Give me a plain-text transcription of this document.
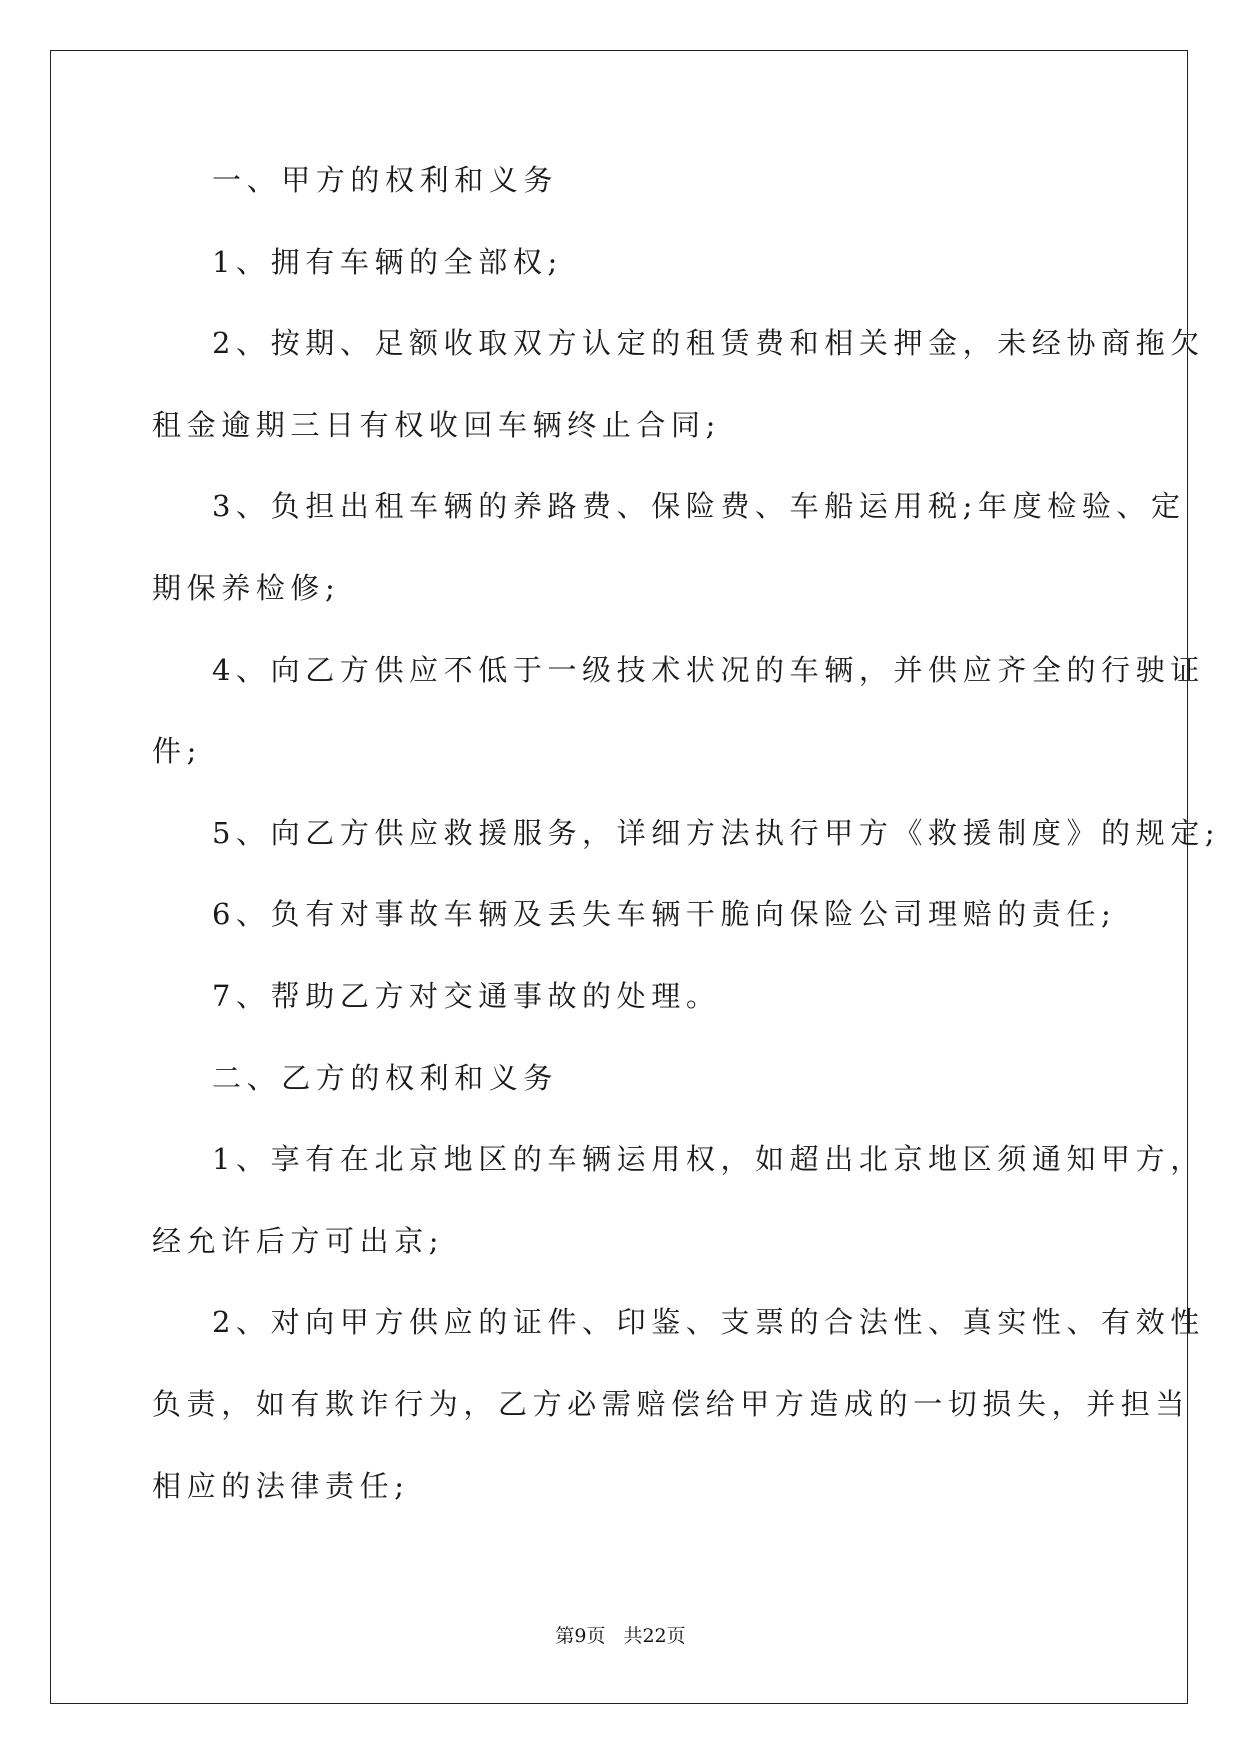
一、甲方的权利和义务
1、拥有车辆的全部权;
2、按期、足额收取双方认定的租赁费和相关押金，未经协商拖欠
租金逾期三日有权收回车辆终止合同;
3、负担出租车辆的养路费、保险费、车船运用税;年度检验、定
期保养检修;
4、向乙方供应不低于一级技术状况的车辆，并供应齐全的行驶证
件;
5、向乙方供应救援服务，详细方法执行甲方《救援制度》的规定;
6、负有对事故车辆及丢失车辆干脆向保险公司理赔的责任;
7、帮助乙方对交通事故的处理。
二、乙方的权利和义务
1、享有在北京地区的车辆运用权，如超出北京地区须通知甲方，
经允许后方可出京;
2、对向甲方供应的证件、印鉴、支票的合法性、真实性、有效性
负责，如有欺诈行为，乙方必需赔偿给甲方造成的一切损失，并担当
相应的法律责任;
第9页 共22页
